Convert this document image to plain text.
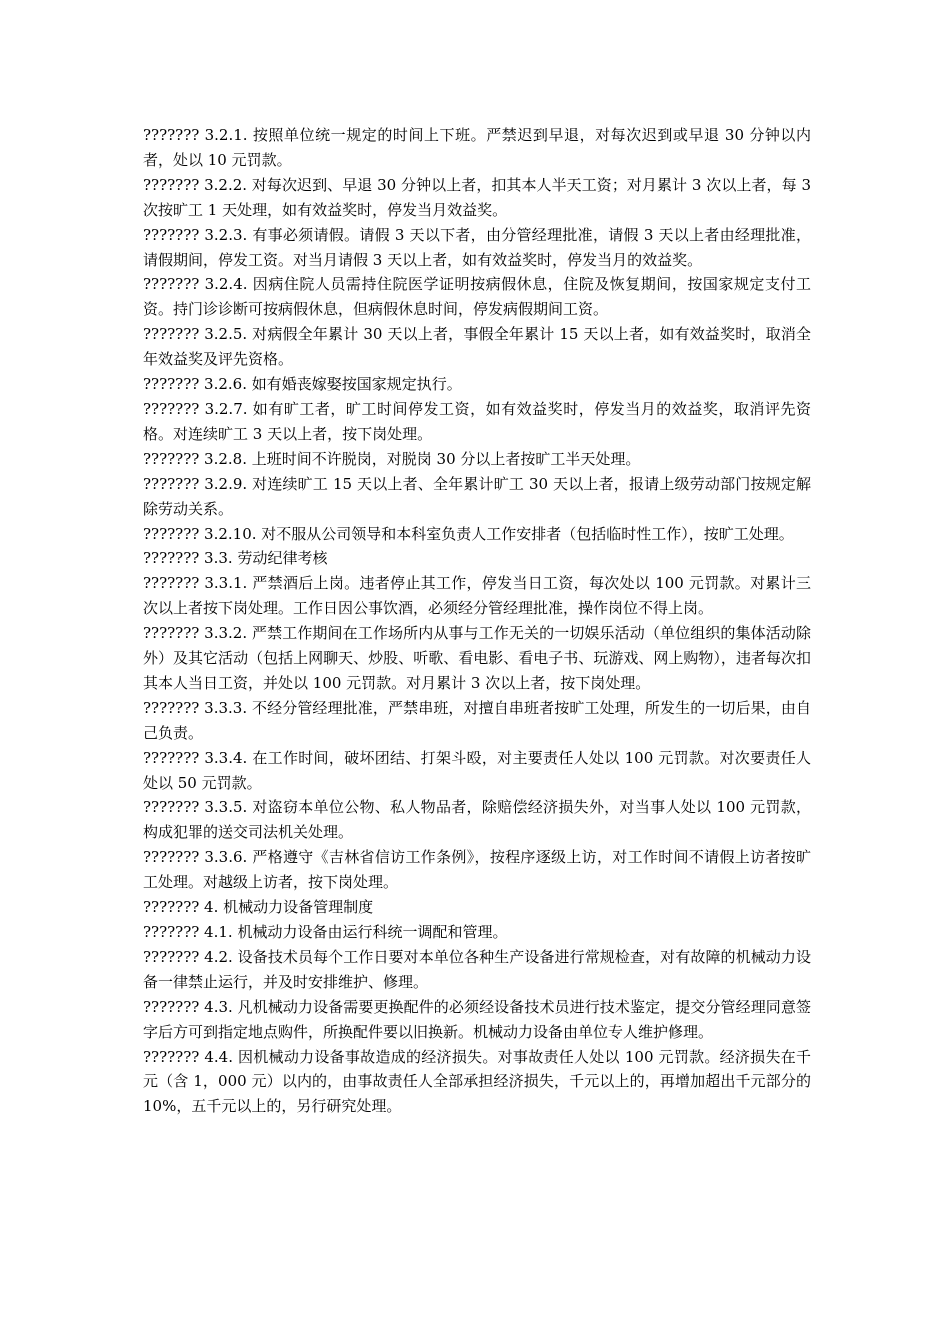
??????? 3.2.1. 按照单位统一规定的时间上下班。严禁迟到早退，对每次迟到或早退 30 分钟以内者，处以 10 元罚款。

??????? 3.2.2. 对每次迟到、早退 30 分钟以上者，扣其本人半天工资；对月累计 3 次以上者，每 3 次按旷工 1 天处理，如有效益奖时，停发当月效益奖。

??????? 3.2.3. 有事必须请假。请假 3 天以下者，由分管经理批准，请假 3 天以上者由经理批准，请假期间，停发工资。对当月请假 3 天以上者，如有效益奖时，停发当月的效益奖。

??????? 3.2.4. 因病住院人员需持住院医学证明按病假休息，住院及恢复期间，按国家规定支付工资。持门诊诊断可按病假休息，但病假休息时间，停发病假期间工资。

??????? 3.2.5. 对病假全年累计 30 天以上者，事假全年累计 15 天以上者，如有效益奖时，取消全年效益奖及评先资格。

??????? 3.2.6. 如有婚丧嫁娶按国家规定执行。

??????? 3.2.7. 如有旷工者，旷工时间停发工资，如有效益奖时，停发当月的效益奖，取消评先资格。对连续旷工 3 天以上者，按下岗处理。

??????? 3.2.8. 上班时间不许脱岗，对脱岗 30 分以上者按旷工半天处理。

??????? 3.2.9. 对连续旷工 15 天以上者、全年累计旷工 30 天以上者，报请上级劳动部门按规定解除劳动关系。

??????? 3.2.10. 对不服从公司领导和本科室负责人工作安排者（包括临时性工作），按旷工处理。

??????? 3.3. 劳动纪律考核

??????? 3.3.1. 严禁酒后上岗。违者停止其工作，停发当日工资，每次处以 100 元罚款。对累计三次以上者按下岗处理。工作日因公事饮酒，必须经分管经理批准，操作岗位不得上岗。

??????? 3.3.2. 严禁工作期间在工作场所内从事与工作无关的一切娱乐活动（单位组织的集体活动除外）及其它活动（包括上网聊天、炒股、听歌、看电影、看电子书、玩游戏、网上购物），违者每次扣其本人当日工资，并处以 100 元罚款。对月累计 3 次以上者，按下岗处理。

??????? 3.3.3. 不经分管经理批准，严禁串班，对擅自串班者按旷工处理，所发生的一切后果，由自己负责。

??????? 3.3.4. 在工作时间，破坏团结、打架斗殴，对主要责任人处以 100 元罚款。对次要责任人处以 50 元罚款。

??????? 3.3.5. 对盗窃本单位公物、私人物品者，除赔偿经济损失外，对当事人处以 100 元罚款，构成犯罪的送交司法机关处理。

??????? 3.3.6. 严格遵守《吉林省信访工作条例》，按程序逐级上访，对工作时间不请假上访者按旷工处理。对越级上访者，按下岗处理。

??????? 4. 机械动力设备管理制度

??????? 4.1. 机械动力设备由运行科统一调配和管理。

??????? 4.2. 设备技术员每个工作日要对本单位各种生产设备进行常规检查，对有故障的机械动力设备一律禁止运行，并及时安排维护、修理。

??????? 4.3. 凡机械动力设备需要更换配件的必须经设备技术员进行技术鉴定，提交分管经理同意签字后方可到指定地点购件，所换配件要以旧换新。机械动力设备由单位专人维护修理。

??????? 4.4. 因机械动力设备事故造成的经济损失。对事故责任人处以 100 元罚款。经济损失在千元（含 1，000 元）以内的，由事故责任人全部承担经济损失，千元以上的，再增加超出千元部分的 10%，五千元以上的，另行研究处理。
